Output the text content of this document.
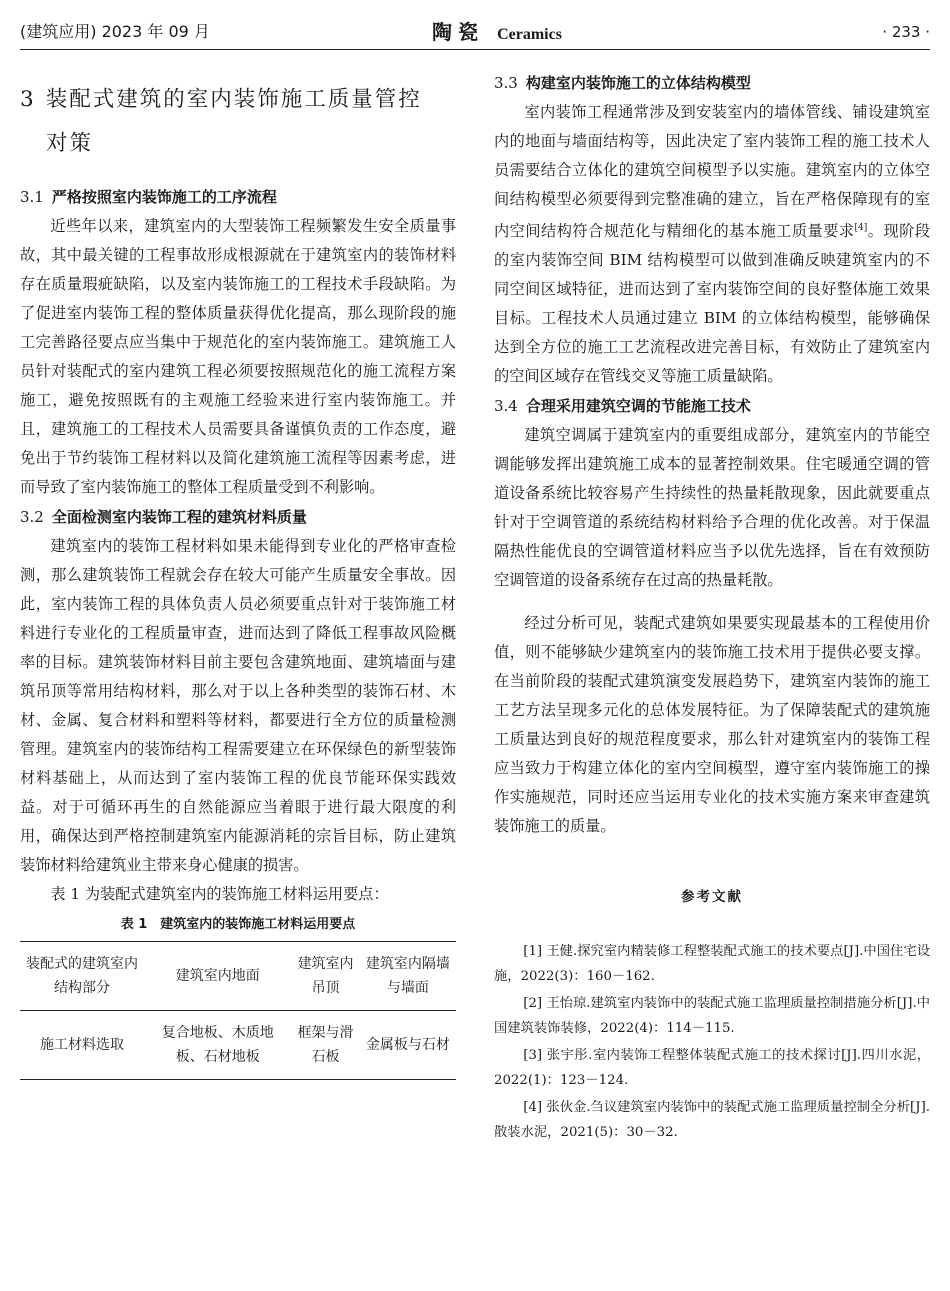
(建筑应用) 2023 年 09 月	陶瓷 Ceramics	· 233 ·
3 装配式建筑的室内装饰施工质量管控
对策
3.1 严格按照室内装饰施工的工序流程

近些年以来，建筑室内的大型装饰工程频繁发生安全质量事故，其中最关键的工程事故形成根源就在于建筑室内的装饰材料存在质量瑕疵缺陷，以及室内装饰施工的工程技术手段缺陷。为了促进室内装饰工程的整体质量获得优化提高，那么现阶段的施工完善路径要点应当集中于规范化的室内装饰施工。建筑施工人员针对装配式的室内建筑工程必须要按照规范化的施工流程方案施工，避免按照既有的主观施工经验来进行室内装饰施工。并且，建筑施工的工程技术人员需要具备谨慎负责的工作态度，避免出于节约装饰工程材料以及简化建筑施工流程等因素考虑，进而导致了室内装饰施工的整体工程质量受到不利影响。

3.2 全面检测室内装饰工程的建筑材料质量

建筑室内的装饰工程材料如果未能得到专业化的严格审查检测，那么建筑装饰工程就会存在较大可能产生质量安全事故。因此，室内装饰工程的具体负责人员必须要重点针对于装饰施工材料进行专业化的工程质量审查，进而达到了降低工程事故风险概率的目标。建筑装饰材料目前主要包含建筑地面、建筑墙面与建筑吊顶等常用结构材料，那么对于以上各种类型的装饰石材、木材、金属、复合材料和塑料等材料，都要进行全方位的质量检测管理。建筑室内的装饰结构工程需要建立在环保绿色的新型装饰材料基础上，从而达到了室内装饰工程的优良节能环保实践效益。对于可循环再生的自然能源应当着眼于进行最大限度的利用，确保达到严格控制建筑室内能源消耗的宗旨目标，防止建筑装饰材料给建筑业主带来身心健康的损害。

表 1 为装配式建筑室内的装饰施工材料运用要点：

表 1　建筑室内的装饰施工材料运用要点
装配式的建筑室内结构部分	建筑室内地面	建筑室内吊顶	建筑室内隔墙与墙面
施工材料选取	复合地板、木质地板、石材地板	框架与滑石板	金属板与石材
3.3 构建室内装饰施工的立体结构模型

室内装饰工程通常涉及到安装室内的墙体管线、铺设建筑室内的地面与墙面结构等，因此决定了室内装饰工程的施工技术人员需要结合立体化的建筑空间模型予以实施。建筑室内的立体空间结构模型必须要得到完整准确的建立，旨在严格保障现有的室内空间结构符合规范化与精细化的基本施工质量要求[4]。现阶段的室内装饰空间 BIM 结构模型可以做到准确反映建筑室内的不同空间区域特征，进而达到了室内装饰空间的良好整体施工效果目标。工程技术人员通过建立 BIM 的立体结构模型，能够确保达到全方位的施工工艺流程改进完善目标，有效防止了建筑室内的空间区域存在管线交叉等施工质量缺陷。

3.4 合理采用建筑空调的节能施工技术

建筑空调属于建筑室内的重要组成部分，建筑室内的节能空调能够发挥出建筑施工成本的显著控制效果。住宅暖通空调的管道设备系统比较容易产生持续性的热量耗散现象，因此就要重点针对于空调管道的系统结构材料给予合理的优化改善。对于保温隔热性能优良的空调管道材料应当予以优先选择，旨在有效预防空调管道的设备系统存在过高的热量耗散。

经过分析可见，装配式建筑如果要实现最基本的工程使用价值，则不能够缺少建筑室内的装饰施工技术用于提供必要支撑。在当前阶段的装配式建筑演变发展趋势下，建筑室内装饰的施工工艺方法呈现多元化的总体发展特征。为了保障装配式的建筑施工质量达到良好的规范程度要求，那么针对建筑室内的装饰工程应当致力于构建立体化的室内空间模型，遵守室内装饰施工的操作实施规范，同时还应当运用专业化的技术实施方案来审查建筑装饰施工的质量。

参考文献

[1] 王健.探究室内精装修工程整装配式施工的技术要点[J].中国住宅设施，2022(3)：160－162.

[2] 王怡琼.建筑室内装饰中的装配式施工监理质量控制措施分析[J].中国建筑装饰装修，2022(4)：114－115.

[3] 张宇彤.室内装饰工程整体装配式施工的技术探讨[J].四川水泥，2022(1)：123－124.

[4] 张伙金.刍议建筑室内装饰中的装配式施工监理质量控制全分析[J].散装水泥，2021(5)：30－32.
